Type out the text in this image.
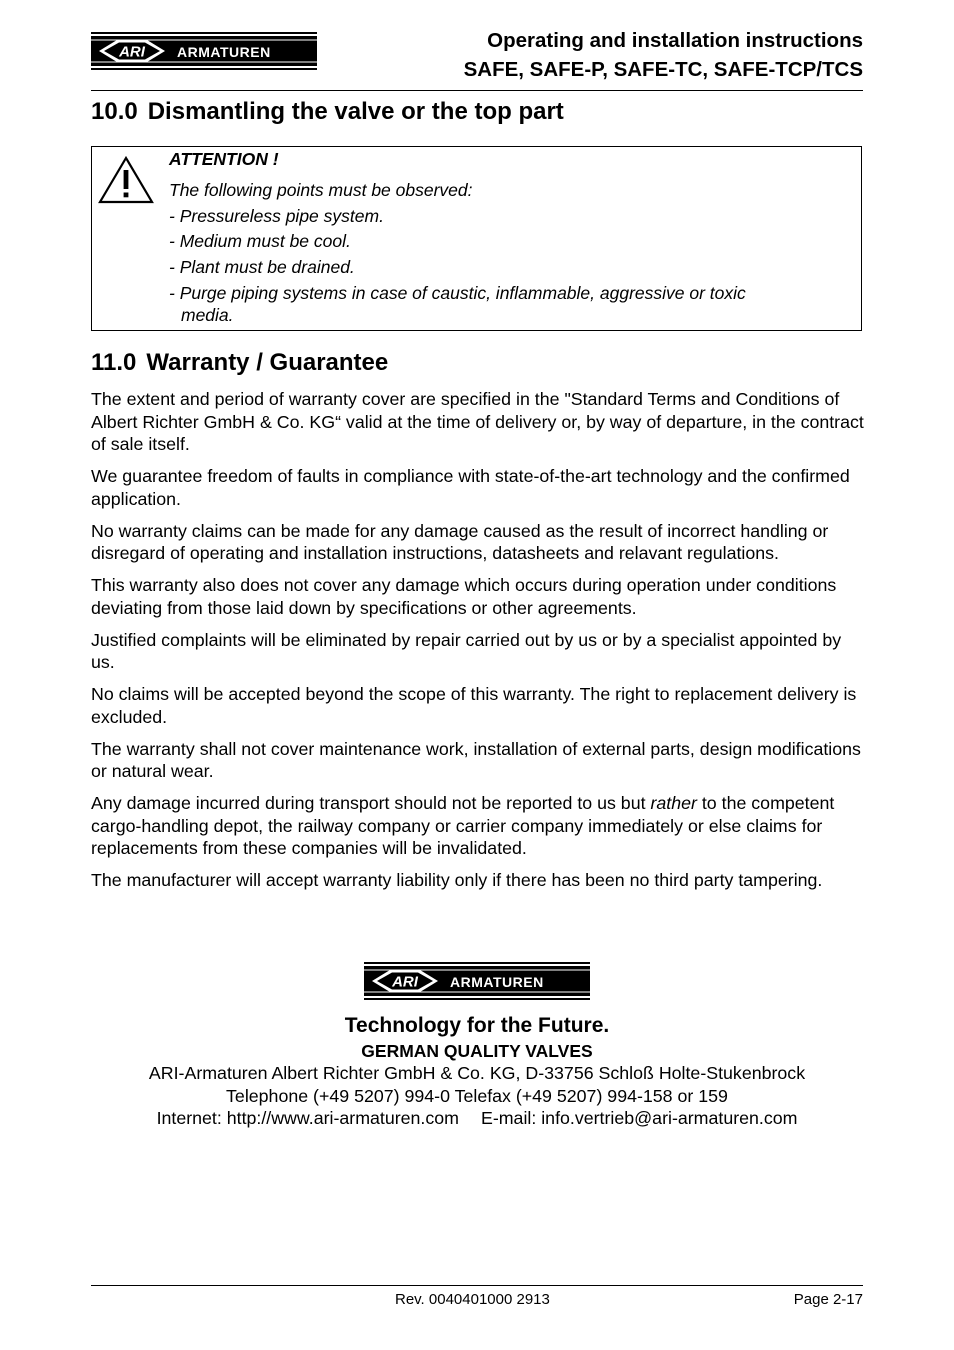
ARI ARMATUREN	Operating and installation instructions
SAFE, SAFE-P, SAFE-TC, SAFE-TCP/TCS
10.0 Dismantling the valve or the top part
ATTENTION !
The following points must be observed:
- Pressureless pipe system.
- Medium must be cool.
- Plant must be drained.
- Purge piping systems in case of caustic, inflammable, aggressive or toxic
media.
11.0 Warranty / Guarantee

The extent and period of warranty cover are specified in the "Standard Terms and Conditions of Albert Richter GmbH & Co. KG“ valid at the time of delivery or, by way of departure, in the contract of sale itself.

We guarantee freedom of faults in compliance with state-of-the-art technology and the confirmed application.

No warranty claims can be made for any damage caused as the result of incorrect handling or disregard of operating and installation instructions, datasheets and relavant regulations.

This warranty also does not cover any damage which occurs during operation under conditions deviating from those laid down by specifications or other agreements.

Justified complaints will be eliminated by repair carried out by us or by a specialist appointed by us.

No claims will be accepted beyond the scope of this warranty. The right to replacement delivery is excluded.

The warranty shall not cover maintenance work, installation of external parts, design modifications or natural wear.

Any damage incurred during transport should not be reported to us but rather to the competent cargo-handling depot, the railway company or carrier company immediately or else claims for replacements from these companies will be invalidated.

The manufacturer will accept warranty liability only if there has been no third party tampering.

ARI ARMATUREN
Technology for the Future.
GERMAN QUALITY VALVES
ARI-Armaturen Albert Richter GmbH & Co. KG, D-33756 Schloß Holte-Stukenbrock
Telephone (+49 5207) 994-0 Telefax (+49 5207) 994-158 or 159
Internet: http://www.ari-armaturen.com E-mail: info.vertrieb@ari-armaturen.com
Rev. 0040401000 2913	Page 2-17
